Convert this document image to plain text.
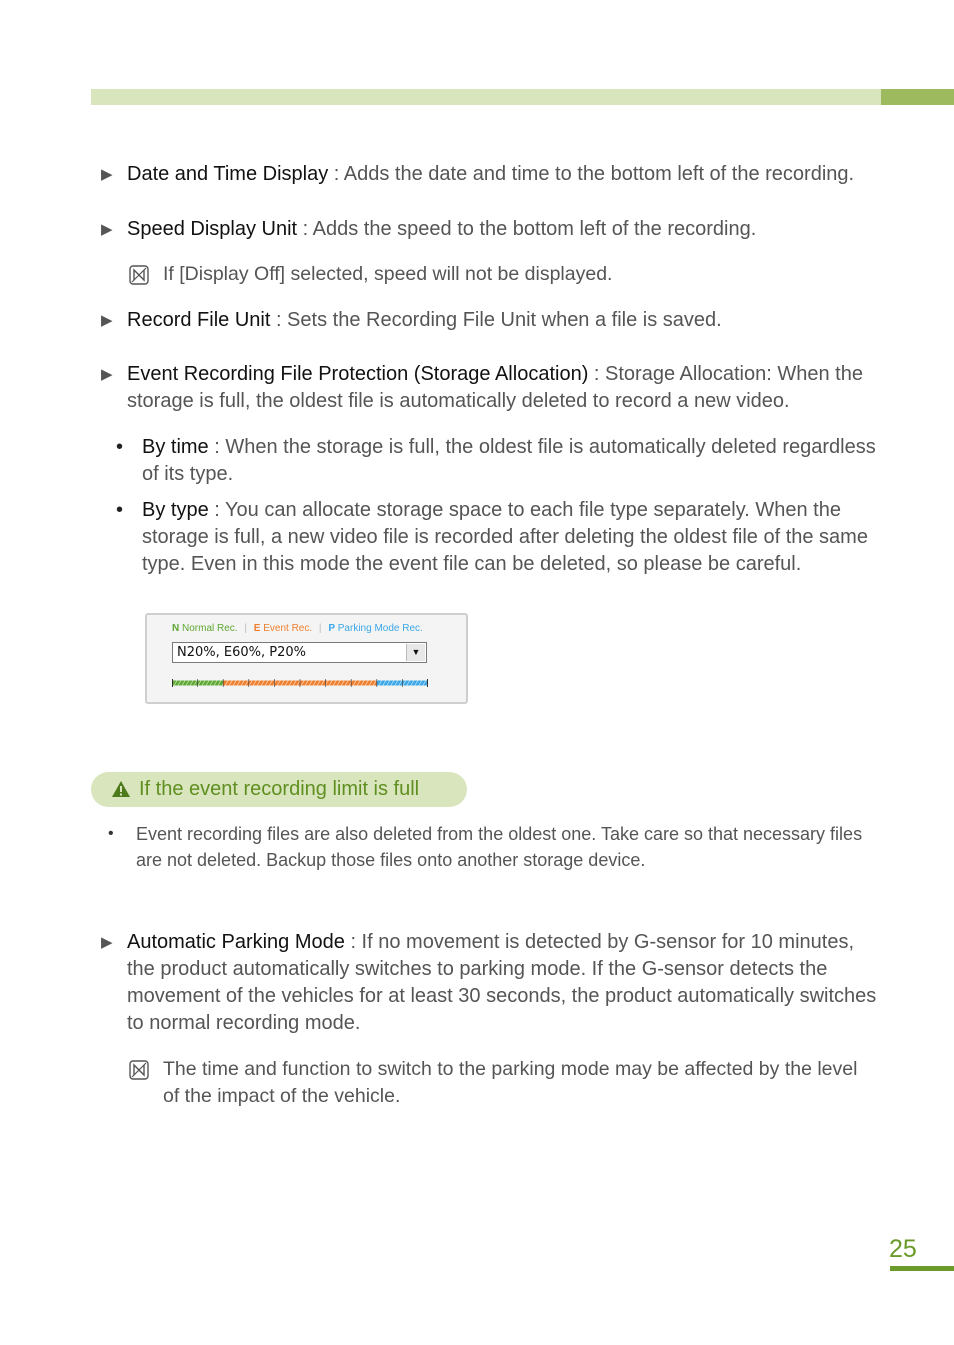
▶ Date and Time Display : Adds the date and time to the bottom left of the recording.
▶ Speed Display Unit : Adds the speed to the bottom left of the recording.
If [Display Off] selected, speed will not be displayed.
▶ Record File Unit : Sets the Recording File Unit when a file is saved.
▶ Event Recording File Protection (Storage Allocation) : Storage Allocation: When the storage is full, the oldest file is automatically deleted to record a new video.
• By time : When the storage is full, the oldest file is automatically deleted regardless of its type.
• By type : You can allocate storage space to each file type separately. When the storage is full, a new video file is recorded after deleting the oldest file of the same type. Even in this mode the event file can be deleted, so please be careful.
N Normal Rec. | E Event Rec. | P Parking Mode Rec.
N20%, E60%, P20%	▼
If the event recording limit is full
• Event recording files are also deleted from the oldest one. Take care so that necessary files are not deleted. Backup those files onto another storage device.
▶ Automatic Parking Mode : If no movement is detected by G-sensor for 10 minutes, the product automatically switches to parking mode. If the G-sensor detects the movement of the vehicles for at least 30 seconds, the product automatically switches to normal recording mode.
The time and function to switch to the parking mode may be affected by the level of the impact of the vehicle.
25
